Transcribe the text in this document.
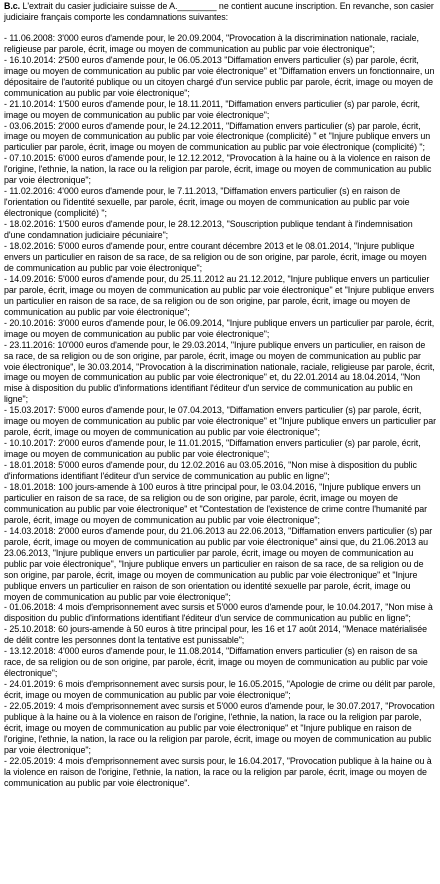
B.c. L'extrait du casier judiciaire suisse de A.________ ne contient aucune inscription. En revanche, son casier judiciaire français comporte les condamnations suivantes:

- 11.06.2008: 3'000 euros d'amende pour, le 20.09.2004, "Provocation à la discrimination nationale, raciale, religieuse par parole, écrit, image ou moyen de communication au public par voie électronique";

- 16.10.2014: 2'500 euros d'amende pour, le 06.05.2013 "Diffamation envers particulier (s) par parole, écrit, image ou moyen de communication au public par voie électronique" et "Diffamation envers un fonctionnaire, un dépositaire de l'autorité publique ou un citoyen chargé d'un service public par parole, écrit, image ou moyen de communication au public par voie électronique";

- 21.10.2014: 1'500 euros d'amende pour, le 18.11.2011, "Diffamation envers particulier (s) par parole, écrit, image ou moyen de communication au public par voie électronique";

- 03.06.2015: 2'000 euros d'amende pour, le 24.12.2011, "Diffamation envers particulier (s) par parole, écrit, image ou moyen de communication au public par voie électronique (complicité) " et "Injure publique envers un particulier par parole, écrit, image ou moyen de communication au public par voie électronique (complicité) ";

- 07.10.2015: 6'000 euros d'amende pour, le 12.12.2012, "Provocation à la haine ou à la violence en raison de l'origine, l'ethnie, la nation, la race ou la religion par parole, écrit, image ou moyen de communication au public par voie électronique";

- 11.02.2016: 4'000 euros d'amende pour, le 7.11.2013, "Diffamation envers particulier (s) en raison de l'orientation ou l'identité sexuelle, par parole, écrit, image ou moyen de communication au public par voie électronique (complicité) ";

- 18.02.2016: 1'500 euros d'amende pour, le 28.12.2013, "Souscription publique tendant à l'indemnisation d'une condamnation judiciaire pécuniaire";

- 18.02.2016: 5'000 euros d'amende pour, entre courant décembre 2013 et le 08.01.2014, "Injure publique envers un particulier en raison de sa race, de sa religion ou de son origine, par parole, écrit, image ou moyen de communication au public par voie électronique";

- 14.09.2016: 5'000 euros d'amende pour, du 25.11.2012 au 21.12.2012, "Injure publique envers un particulier par parole, écrit, image ou moyen de communication au public par voie électronique" et "Injure publique envers un particulier en raison de sa race, de sa religion ou de son origine, par parole, écrit, image ou moyen de communication au public par voie électronique";

- 20.10.2016: 3'000 euros d'amende pour, le 06.09.2014, "Injure publique envers un particulier par parole, écrit, image ou moyen de communication au public par voie électronique";

- 23.11.2016: 10'000 euros d'amende pour, le 29.03.2014, "Injure publique envers un particulier, en raison de sa race, de sa religion ou de son origine, par parole, écrit, image ou moyen de communication au public par voie électronique", le 30.03.2014, "Provocation à la discrimination nationale, raciale, religieuse par parole, écrit, image ou moyen de communication au public par voie électronique" et, du 22.01.2014 au 18.04.2014, "Non mise à disposition du public d'informations identifiant l'éditeur d'un service de communication au public en ligne";

- 15.03.2017: 5'000 euros d'amende pour, le 07.04.2013, "Diffamation envers particulier (s) par parole, écrit, image ou moyen de communication au public par voie électronique" et "Injure publique envers un particulier par parole, écrit, image ou moyen de communication au public par voie électronique";

- 10.10.2017: 2'000 euros d'amende pour, le 11.01.2015, "Diffamation envers particulier (s) par parole, écrit, image ou moyen de communication au public par voie électronique";

- 18.01.2018: 5'000 euros d'amende pour, du 12.02.2016 au 03.05.2016, "Non mise à disposition du public d'informations identifiant l'éditeur d'un service de communication au public en ligne";

- 18.01.2018: 100 jours-amende à 100 euros à titre principal pour, le 03.04.2016, "Injure publique envers un particulier en raison de sa race, de sa religion ou de son origine, par parole, écrit, image ou moyen de communication au public par voie électronique" et "Contestation de l'existence de crime contre l'humanité par parole, écrit, image ou moyen de communication au public par voie électronique";

- 14.03.2018: 2'000 euros d'amende pour, du 21.06.2013 au 22.06.2013, "Diffamation envers particulier (s) par parole, écrit, image ou moyen de communication au public par voie électronique" ainsi que, du 21.06.2013 au 23.06.2013, "Injure publique envers un particulier par parole, écrit, image ou moyen de communication au public par voie électronique", "Injure publique envers un particulier en raison de sa race, de sa religion ou de son origine, par parole, écrit, image ou moyen de communication au public par voie électronique" et "Injure publique envers un particulier en raison de son orientation ou identité sexuelle par parole, écrit, image ou moyen de communication au public par voie électronique";

- 01.06.2018: 4 mois d'emprisonnement avec sursis et 5'000 euros d'amende pour, le 10.04.2017, "Non mise à disposition du public d'informations identifiant l'éditeur d'un service de communication au public en ligne";

- 25.10.2018: 60 jours-amende à 50 euros à titre principal pour, les 16 et 17 août 2014, "Menace matérialisée de délit contre les personnes dont la tentative est punissable";

- 13.12.2018: 4'000 euros d'amende pour, le 11.08.2014, "Diffamation envers particulier (s) en raison de sa race, de sa religion ou de son origine, par parole, écrit, image ou moyen de communication au public par voie électronique";

- 24.01.2019: 6 mois d'emprisonnement avec sursis pour, le 16.05.2015, "Apologie de crime ou délit par parole, écrit, image ou moyen de communication au public par voie électronique";

- 22.05.2019: 4 mois d'emprisonnement avec sursis et 5'000 euros d'amende pour, le 30.07.2017, "Provocation publique à la haine ou à la violence en raison de l'origine, l'ethnie, la nation, la race ou la religion par parole, écrit, image ou moyen de communication au public par voie électronique" et "Injure publique en raison de l'origine, l'ethnie, la nation, la race ou la religion par parole, écrit, image ou moyen de communication au public par voie électronique";

- 22.05.2019: 4 mois d'emprisonnement avec sursis pour, le 16.04.2017, "Provocation publique à la haine ou à la violence en raison de l'origine, l'ethnie, la nation, la race ou la religion par parole, écrit, image ou moyen de communication au public par voie électronique".
